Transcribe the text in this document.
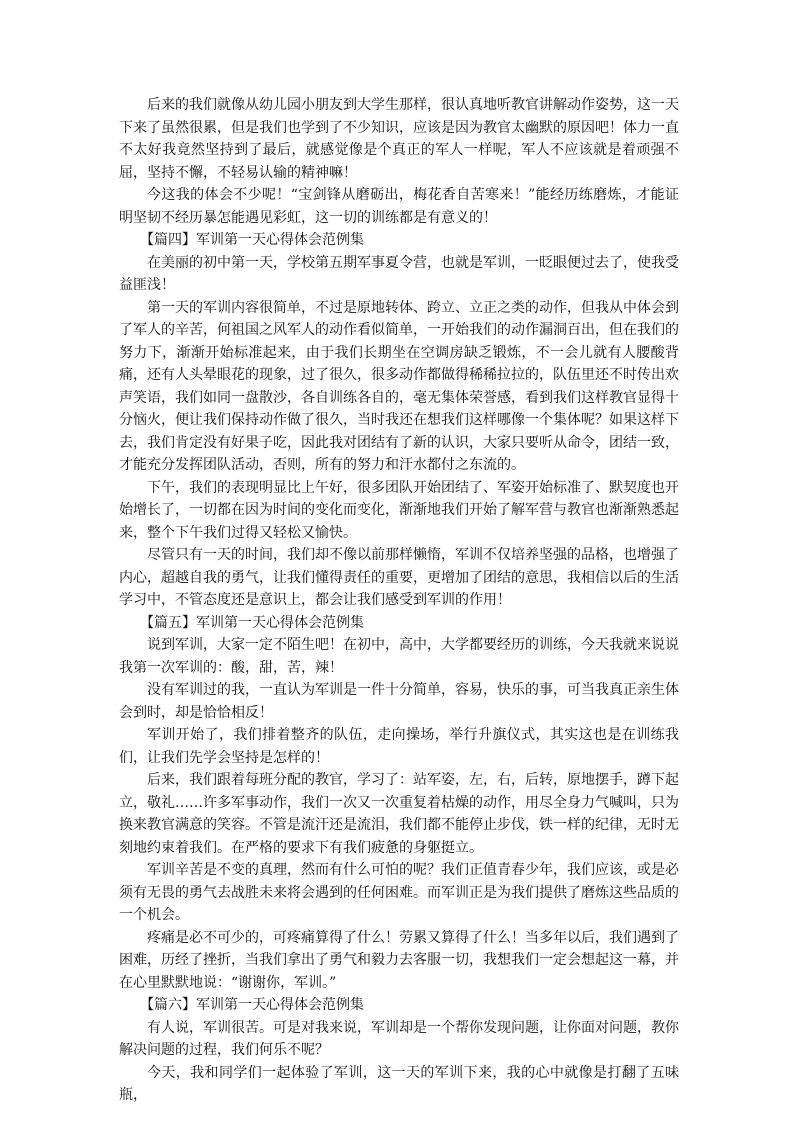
后来的我们就像从幼儿园小朋友到大学生那样，很认真地听教官讲解动作姿势，这一天下来了虽然很累，但是我们也学到了不少知识，应该是因为教官太幽默的原因吧！体力一直不太好我竟然坚持到了最后，就感觉像是个真正的军人一样呢，军人不应该就是着顽强不屈，坚持不懈，不轻易认输的精神嘛！

今这我的体会不少呢！“宝剑锋从磨砺出，梅花香自苦寒来！”能经历练磨炼，才能证明坚韧不经历暴怎能遇见彩虹，这一切的训练都是有意义的！

【篇四】军训第一天心得体会范例集

在美丽的初中第一天，学校第五期军事夏令营，也就是军训，一眨眼便过去了，使我受益匪浅！

第一天的军训内容很简单，不过是原地转体、跨立、立正之类的动作，但我从中体会到了军人的辛苦，何祖国之风军人的动作看似简单，一开始我们的动作漏洞百出，但在我们的努力下，渐渐开始标准起来，由于我们长期坐在空调房缺乏锻炼，不一会儿就有人腰酸背痛，还有人头晕眼花的现象，过了很久，很多动作都做得稀稀拉拉的，队伍里还不时传出欢声笑语，我们如同一盘散沙，各自训练各自的，毫无集体荣誉感，看到我们这样教官显得十分恼火，便让我们保持动作做了很久，当时我还在想我们这样哪像一个集体呢？如果这样下去，我们肯定没有好果子吃，因此我对团结有了新的认识，大家只要听从命令，团结一致，才能充分发挥团队活动，否则，所有的努力和汗水都付之东流的。

下午，我们的表现明显比上午好，很多团队开始团结了、军姿开始标准了、默契度也开始增长了，一切都在因为时间的变化而变化，渐渐地我们开始了解军营与教官也渐渐熟悉起来，整个下午我们过得又轻松又愉快。

尽管只有一天的时间，我们却不像以前那样懒惰，军训不仅培养坚强的品格，也增强了内心，超越自我的勇气，让我们懂得责任的重要，更增加了团结的意思，我相信以后的生活学习中，不管态度还是意识上，都会让我们感受到军训的作用！

【篇五】军训第一天心得体会范例集

说到军训，大家一定不陌生吧！在初中，高中，大学都要经历的训练，今天我就来说说我第一次军训的：酸，甜，苦，辣！

没有军训过的我，一直认为军训是一件十分简单，容易，快乐的事，可当我真正亲生体会到时，却是恰恰相反！

军训开始了，我们排着整齐的队伍，走向操场，举行升旗仪式，其实这也是在训练我们，让我们先学会坚持是怎样的！

后来，我们跟着每班分配的教官，学习了：站军姿，左，右，后转，原地摆手，蹲下起立，敬礼……许多军事动作，我们一次又一次重复着枯燥的动作，用尽全身力气喊叫，只为换来教官满意的笑容。不管是流汗还是流泪，我们都不能停止步伐，铁一样的纪律，无时无刻地约束着我们。在严格的要求下有我们疲惫的身躯挺立。

军训辛苦是不变的真理，然而有什么可怕的呢？我们正值青春少年，我们应该，或是必须有无畏的勇气去战胜未来将会遇到的任何困难。而军训正是为我们提供了磨炼这些品质的一个机会。

疼痛是必不可少的，可疼痛算得了什么！劳累又算得了什么！当多年以后，我们遇到了困难，历经了挫折，当我们拿出了勇气和毅力去客服一切，我想我们一定会想起这一幕，并在心里默默地说：“谢谢你，军训。”

【篇六】军训第一天心得体会范例集

有人说，军训很苦。可是对我来说，军训却是一个帮你发现问题，让你面对问题，教你解决问题的过程，我们何乐不呢？

今天，我和同学们一起体验了军训，这一天的军训下来，我的心中就像是打翻了五味瓶，
